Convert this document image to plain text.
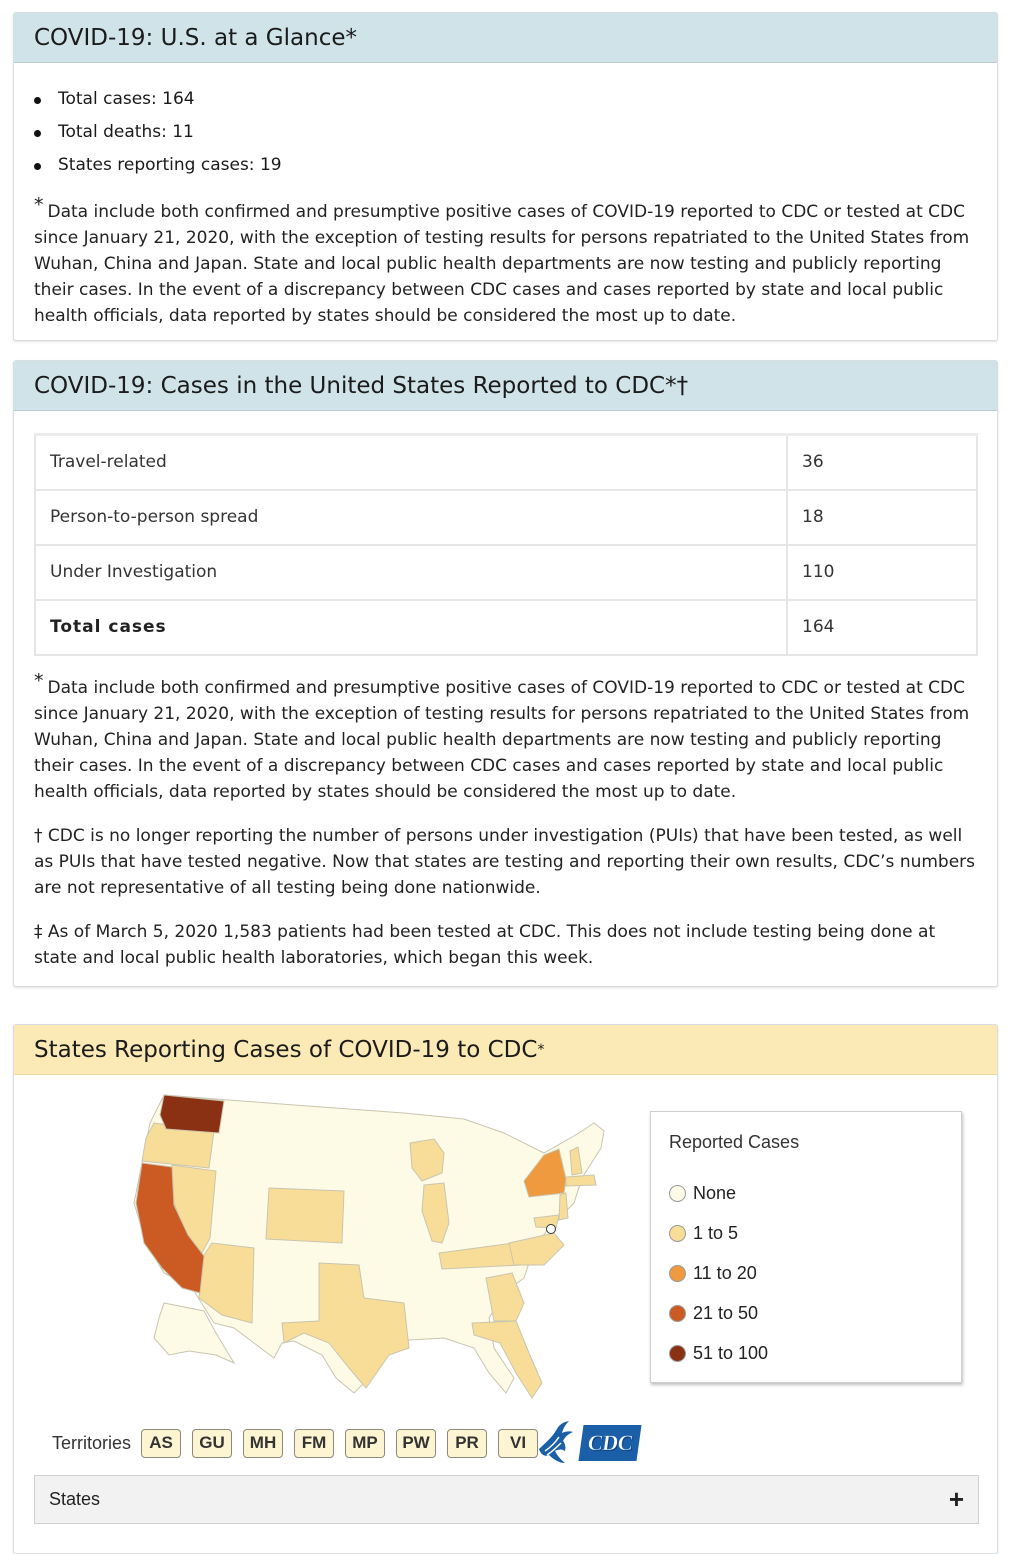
COVID-19: U.S. at a Glance*
Total cases: 164
Total deaths: 11
States reporting cases: 19

* Data include both confirmed and presumptive positive cases of COVID-19 reported to CDC or tested at CDC since January 21, 2020, with the exception of testing results for persons repatriated to the United States from Wuhan, China and Japan. State and local public health departments are now testing and publicly reporting their cases. In the event of a discrepancy between CDC cases and cases reported by state and local public health officials, data reported by states should be considered the most up to date.

COVID-19: Cases in the United States Reported to CDC*†
Travel-related	36
Person-to-person spread	18
Under Investigation	110
Total cases	164

* Data include both confirmed and presumptive positive cases of COVID-19 reported to CDC or tested at CDC since January 21, 2020, with the exception of testing results for persons repatriated to the United States from Wuhan, China and Japan. State and local public health departments are now testing and publicly reporting their cases. In the event of a discrepancy between CDC cases and cases reported by state and local public health officials, data reported by states should be considered the most up to date.

† CDC is no longer reporting the number of persons under investigation (PUIs) that have been tested, as well as PUIs that have tested negative. Now that states are testing and reporting their own results, CDC’s numbers are not representative of all testing being done nationwide.

‡ As of March 5, 2020 1,583 patients had been tested at CDC. This does not include testing being done at state and local public health laboratories, which began this week.

States Reporting Cases of COVID-19 to CDC *
Reported Cases
None
1 to 5
11 to 20
21 to 50
51 to 100
Territories	AS	GU	MH	FM	MP	PW	PR	VI	CDC
States	+
